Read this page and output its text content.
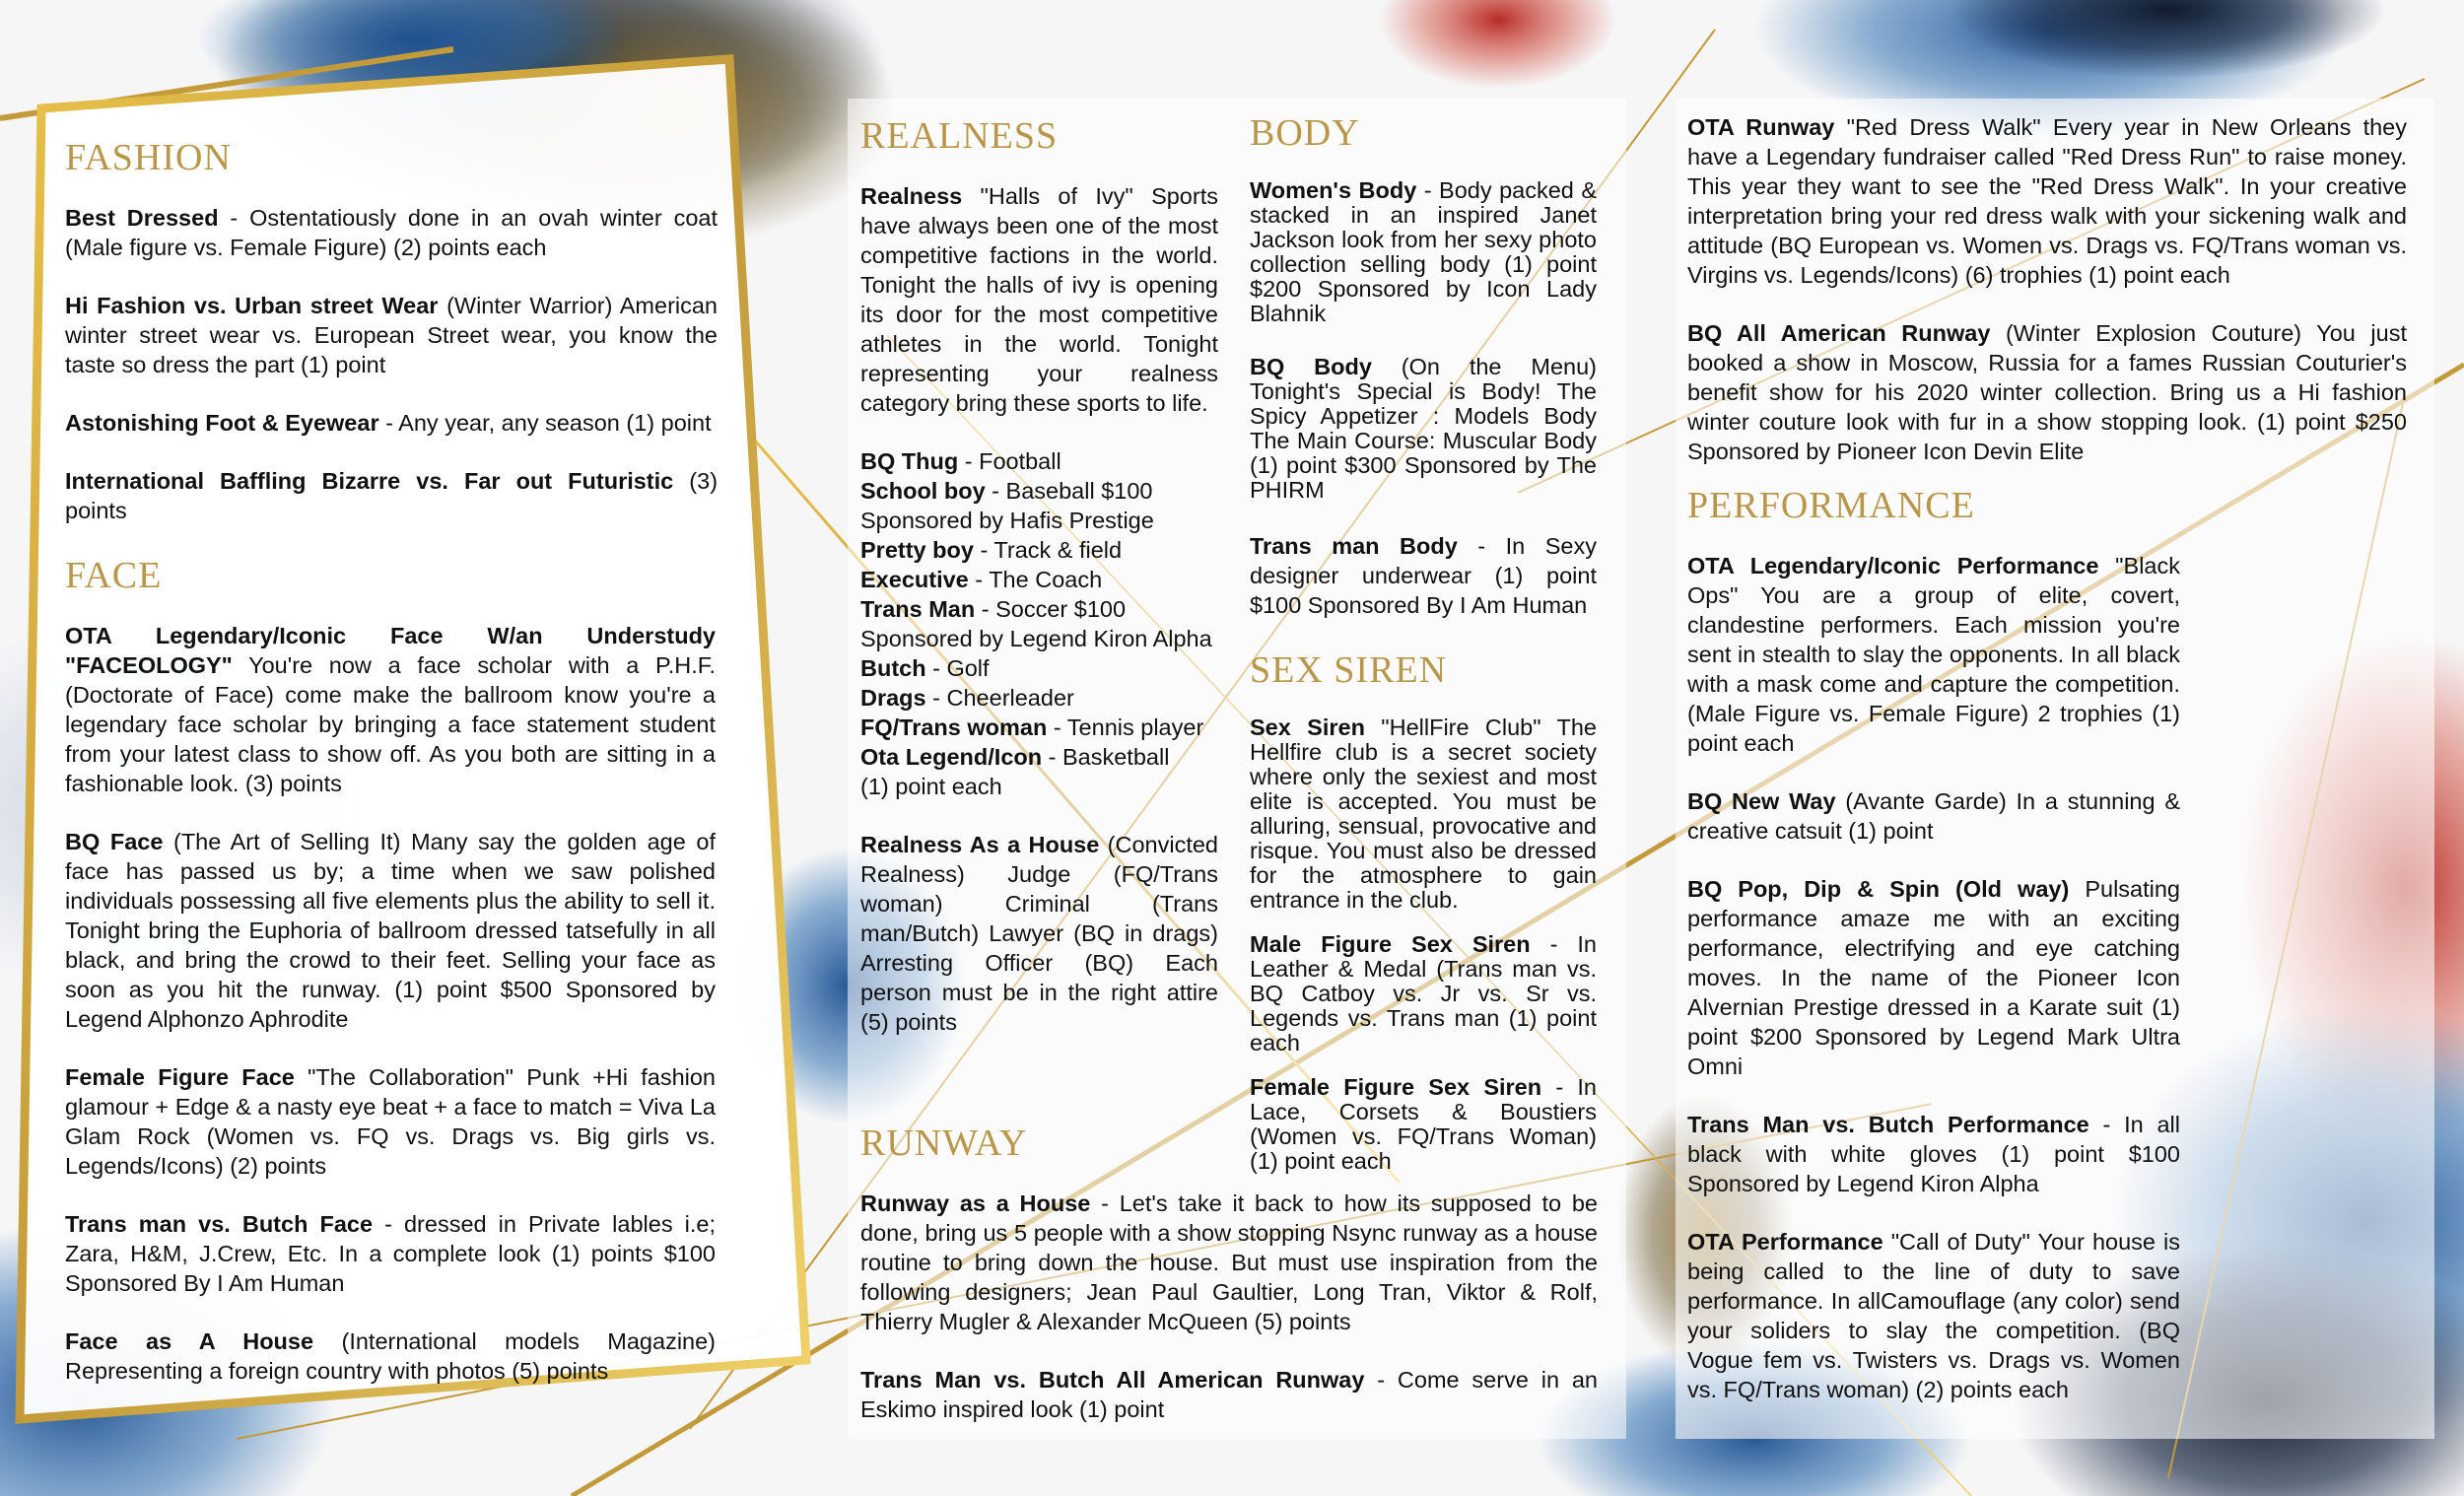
FASHION

Best Dressed - Ostentatiously done in an ovah winter coat (Male figure vs. Female Figure) (2) points each

Hi Fashion vs. Urban street Wear (Winter Warrior) American winter street wear vs. European Street wear, you know the taste so dress the part (1) point

Astonishing Foot & Eyewear - Any year, any season (1) point

International Baffling Bizarre vs. Far out Futuristic (3) points

FACE

OTA Legendary/Iconic Face W/an Understudy "FACEOLOGY" You're now a face scholar with a P.H.F. (Doctorate of Face) come make the ballroom know you're a legendary face scholar by bringing a face statement student from your latest class to show off. As you both are sitting in a fashionable look. (3) points

BQ Face (The Art of Selling It) Many say the golden age of face has passed us by; a time when we saw polished individuals possessing all five elements plus the ability to sell it. Tonight bring the Euphoria of ballroom dressed tatsefully in all black, and bring the crowd to their feet. Selling your face as soon as you hit the runway. (1) point $500 Sponsored by Legend Alphonzo Aphrodite

Female Figure Face "The Collaboration" Punk +Hi fashion glamour + Edge & a nasty eye beat + a face to match = Viva La Glam Rock (Women vs. FQ vs. Drags vs. Big girls vs. Legends/Icons) (2) points

Trans man vs. Butch Face - dressed in Private lables i.e; Zara, H&M, J.Crew, Etc. In a complete look (1) points $100 Sponsored By I Am Human

Face as A House (International models Magazine) Representing a foreign country with photos (5) points

REALNESS

Realness "Halls of Ivy" Sports have always been one of the most competitive factions in the world. Tonight the halls of ivy is opening its door for the most competitive athletes in the world. Tonight representing your realness category bring these sports to life.

BQ Thug - Football
School boy - Baseball $100
Sponsored by Hafis Prestige
Pretty boy - Track & field
Executive - The Coach
Trans Man - Soccer $100
Sponsored by Legend Kiron Alpha
Butch - Golf
Drags - Cheerleader
FQ/Trans woman - Tennis player
Ota Legend/Icon - Basketball
(1) point each

Realness As a House (Convicted Realness) Judge (FQ/Trans woman) Criminal (Trans man/Butch) Lawyer (BQ in drags) Arresting Officer (BQ) Each person must be in the right attire (5) points

RUNWAY

Runway as a House - Let's take it back to how its supposed to be done, bring us 5 people with a show stopping Nsync runway as a house routine to bring down the house. But must use inspiration from the following designers; Jean Paul Gaultier, Long Tran, Viktor & Rolf, Thierry Mugler & Alexander McQueen (5) points

Trans Man vs. Butch All American Runway - Come serve in an Eskimo inspired look (1) point

BODY

Women's Body - Body packed & stacked in an inspired Janet Jackson look from her sexy photo collection selling body (1) point $200 Sponsored by Icon Lady Blahnik

BQ Body (On the Menu) Tonight's Special is Body! The Spicy Appetizer : Models Body The Main Course: Muscular Body (1) point $300 Sponsored by The PHIRM

Trans man Body - In Sexy designer underwear (1) point $100 Sponsored By I Am Human

SEX SIREN

Sex Siren "HellFire Club" The Hellfire club is a secret society where only the sexiest and most elite is accepted. You must be alluring, sensual, provocative and risque. You must also be dressed for the atmosphere to gain entrance in the club.

Male Figure Sex Siren - In Leather & Medal (Trans man vs. BQ Catboy vs. Jr vs. Sr vs. Legends vs. Trans man (1) point each

Female Figure Sex Siren - In Lace, Corsets & Boustiers (Women vs. FQ/Trans Woman) (1) point each

OTA Runway "Red Dress Walk" Every year in New Orleans they have a Legendary fundraiser called "Red Dress Run" to raise money. This year they want to see the "Red Dress Walk". In your creative interpretation bring your red dress walk with your sickening walk and attitude (BQ European vs. Women vs. Drags vs. FQ/Trans woman vs. Virgins vs. Legends/Icons) (6) trophies (1) point each

BQ All American Runway (Winter Explosion Couture) You just booked a show in Moscow, Russia for a fames Russian Couturier's benefit show for his 2020 winter collection. Bring us a Hi fashion winter couture look with fur in a show stopping look. (1) point $250 Sponsored by Pioneer Icon Devin Elite

PERFORMANCE

OTA Legendary/Iconic Performance "Black Ops" You are a group of elite, covert, clandestine performers. Each mission you're sent in stealth to slay the opponents. In all black with a mask come and capture the competition. (Male Figure vs. Female Figure) 2 trophies (1) point each

BQ New Way (Avante Garde) In a stunning & creative catsuit (1) point

BQ Pop, Dip & Spin (Old way) Pulsating performance amaze me with an exciting performance, electrifying and eye catching moves. In the name of the Pioneer Icon Alvernian Prestige dressed in a Karate suit (1) point $200 Sponsored by Legend Mark Ultra Omni

Trans Man vs. Butch Performance - In all black with white gloves (1) point $100 Sponsored by Legend Kiron Alpha

OTA Performance "Call of Duty" Your house is being called to the line of duty to save performance. In allCamouflage (any color) send your soliders to slay the competition. (BQ Vogue fem vs. Twisters vs. Drags vs. Women vs. FQ/Trans woman) (2) points each
